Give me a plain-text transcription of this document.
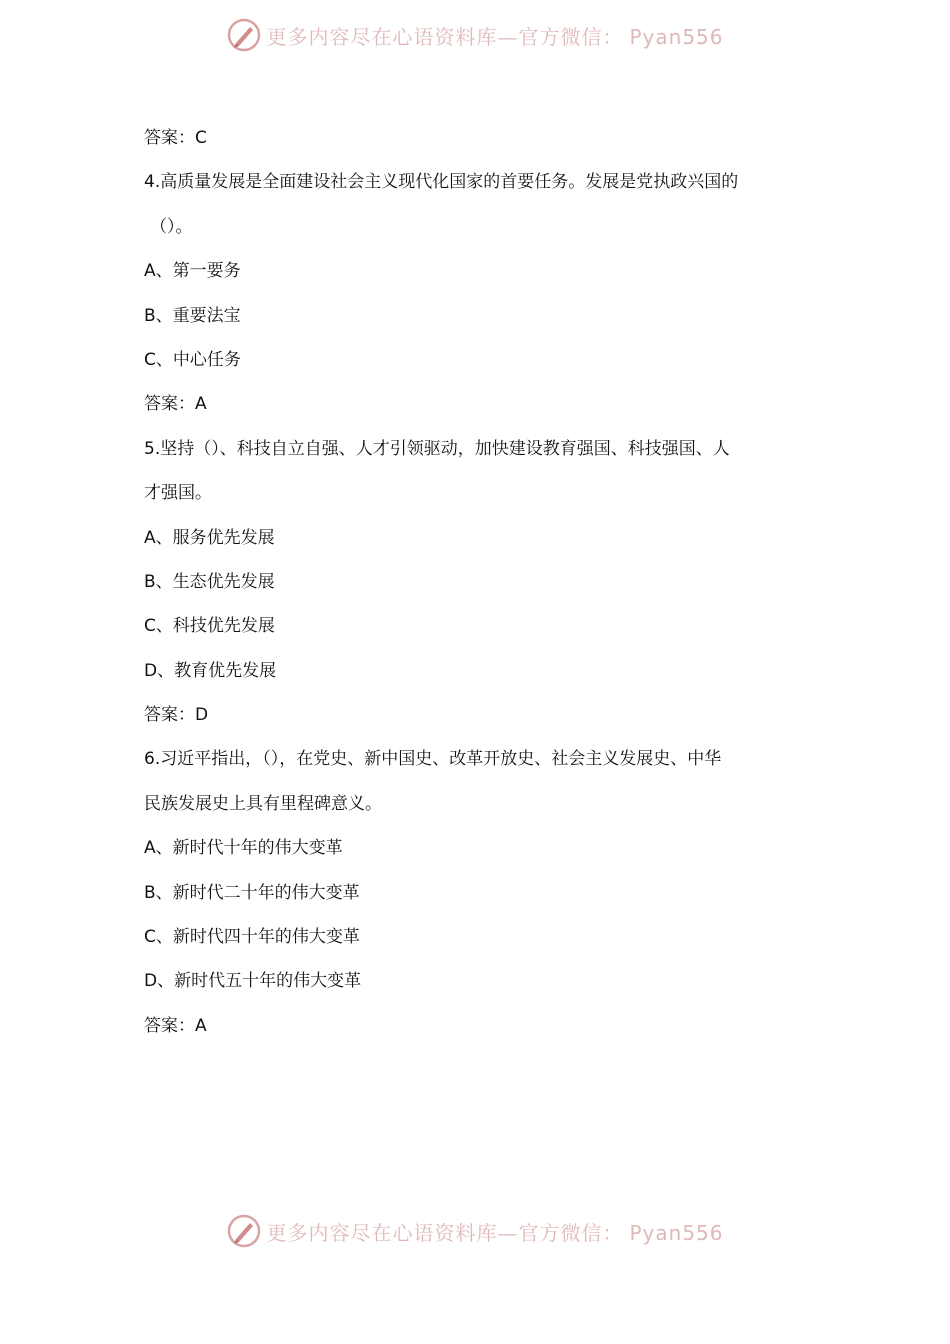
更多内容尽在心语资料库—官方微信： Pyan556
答案：C
4.高质量发展是全面建设社会主义现代化国家的首要任务。发展是党执政兴国的
（）。
A、第一要务
B、重要法宝
C、中心任务
答案：A
5.坚持（）、科技自立自强、人才引领驱动，加快建设教育强国、科技强国、人
才强国。
A、服务优先发展
B、生态优先发展
C、科技优先发展
D、教育优先发展
答案：D
6.习近平指出，（），在党史、新中国史、改革开放史、社会主义发展史、中华
民族发展史上具有里程碑意义。
A、新时代十年的伟大变革
B、新时代二十年的伟大变革
C、新时代四十年的伟大变革
D、新时代五十年的伟大变革
答案：A
更多内容尽在心语资料库—官方微信： Pyan556
